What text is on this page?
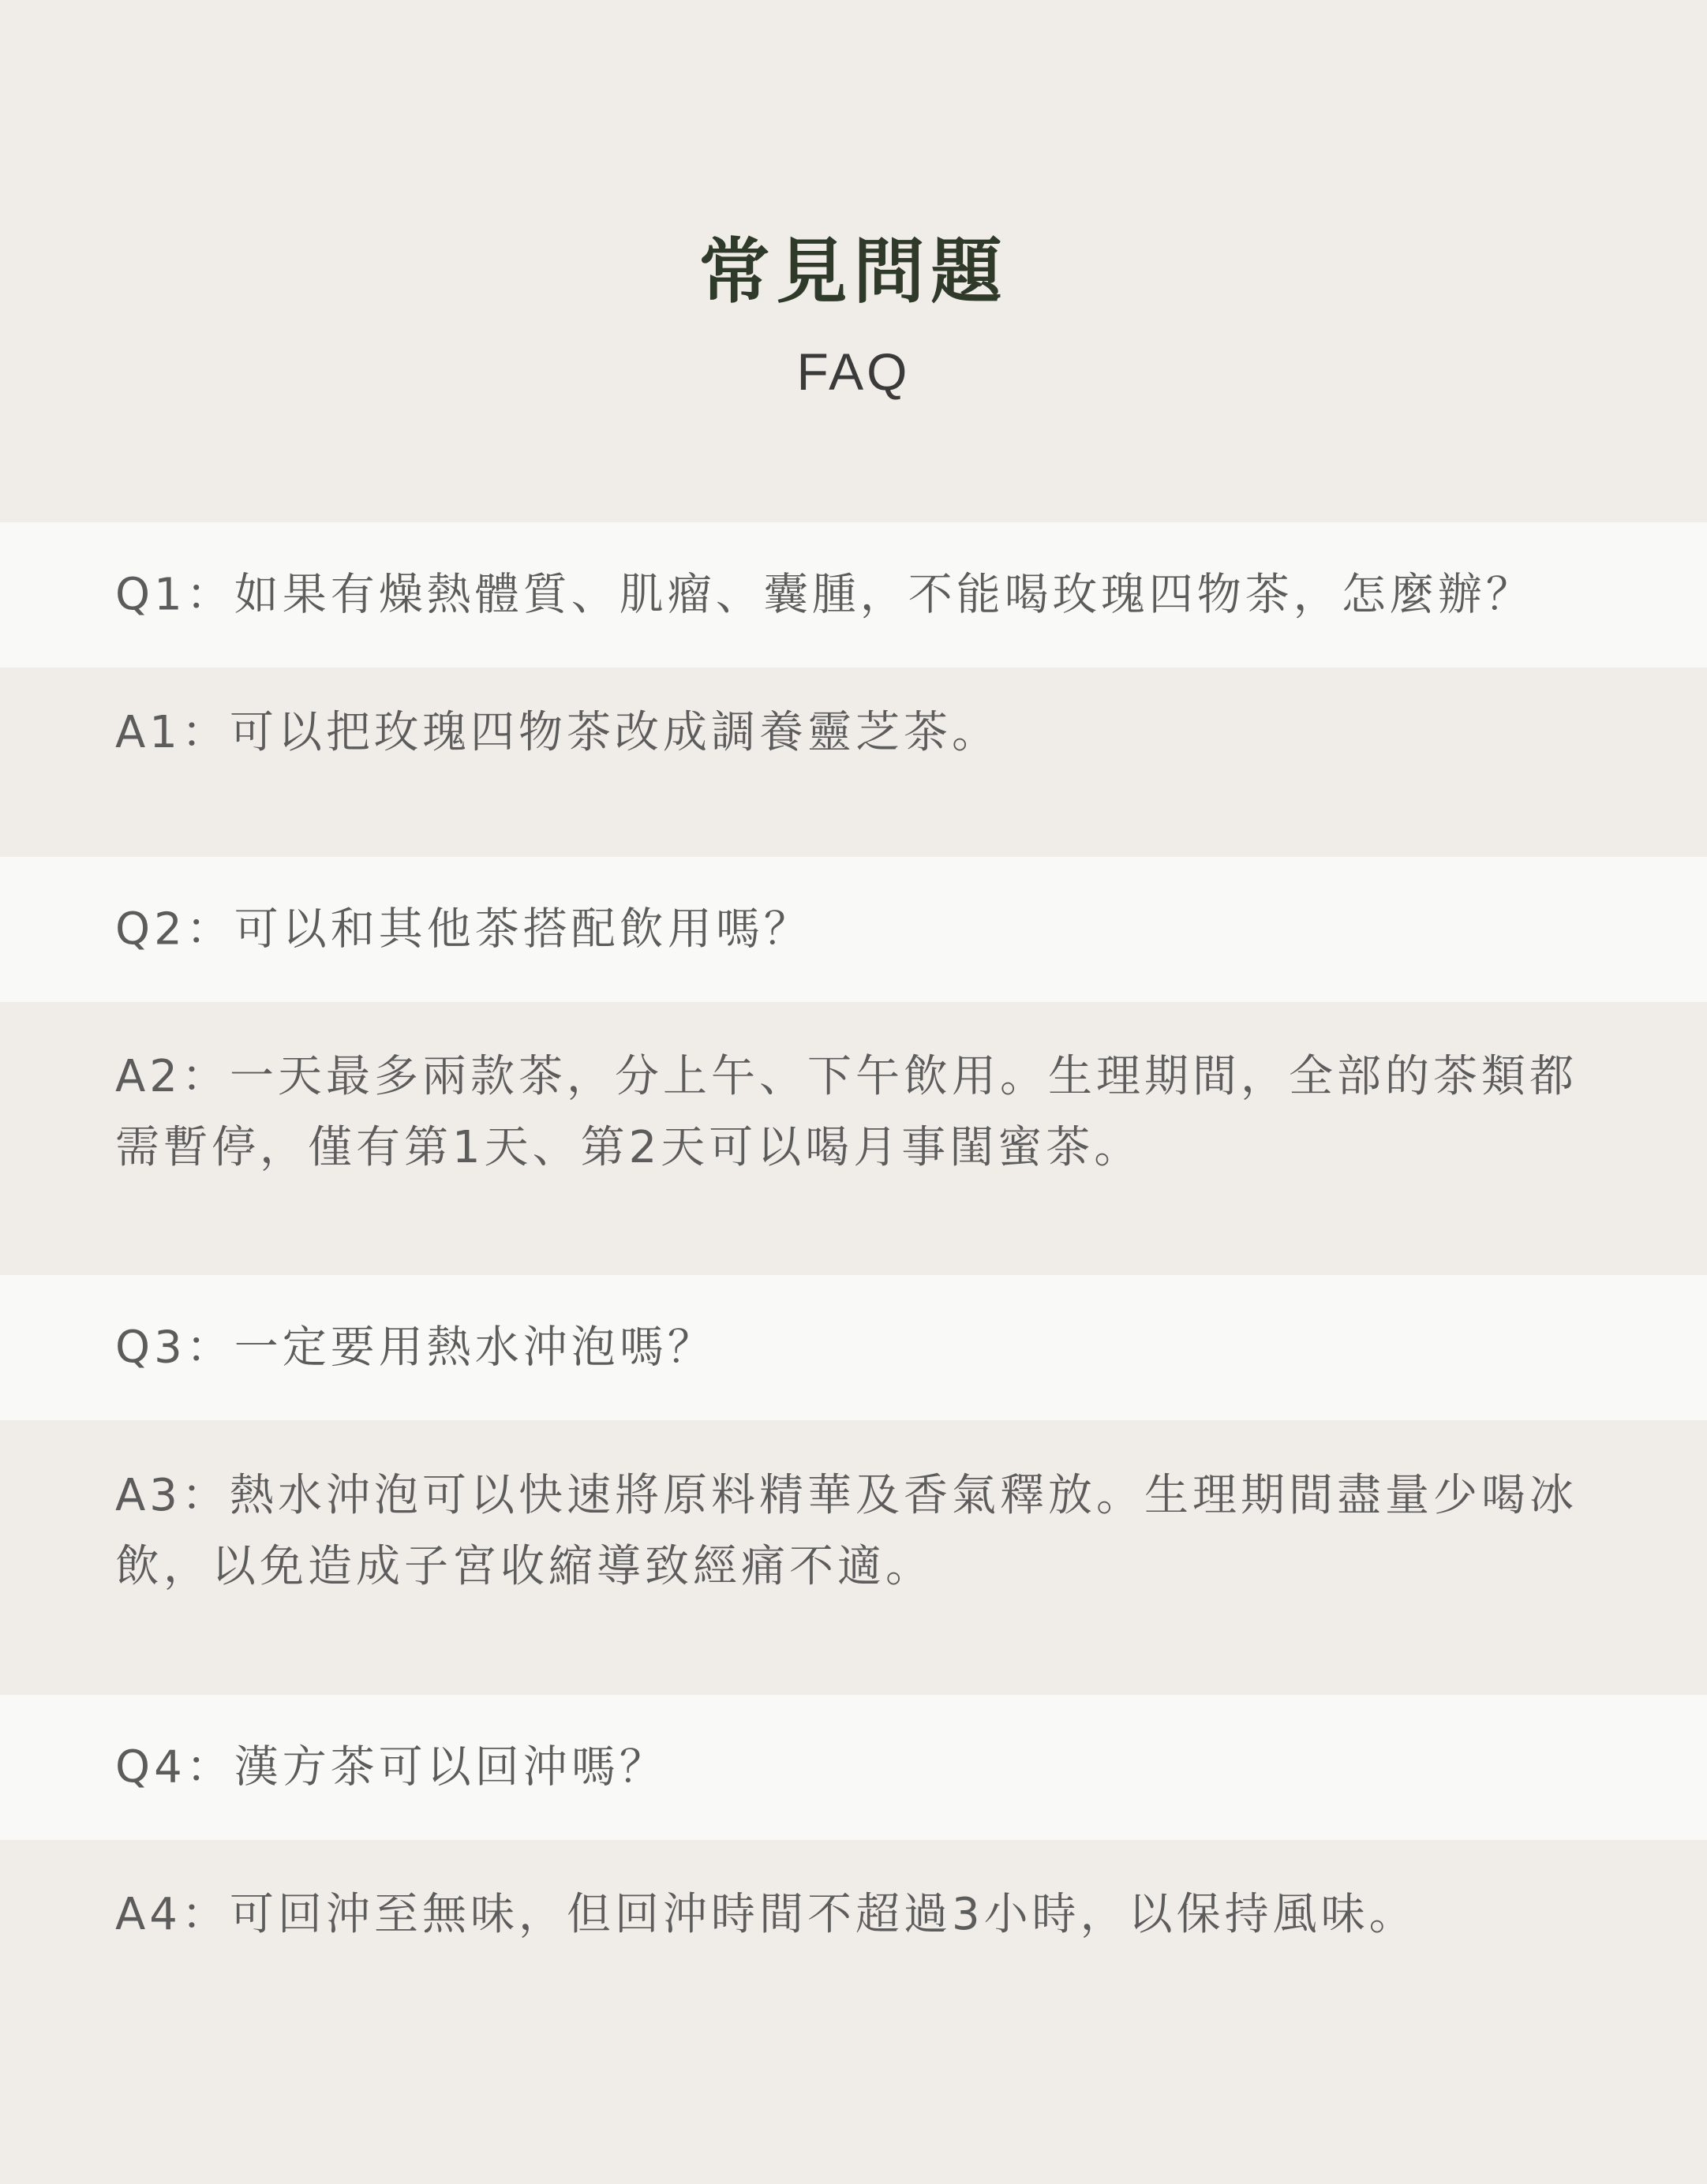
常見問題
FAQ
Q1：如果有燥熱體質、肌瘤、囊腫，不能喝玫瑰四物茶，怎麼辦？
A1：可以把玫瑰四物茶改成調養靈芝茶。
Q2：可以和其他茶搭配飲用嗎？
A2：一天最多兩款茶，分上午、下午飲用。生理期間，全部的茶類都需暫停，僅有第1天、第2天可以喝月事閨蜜茶。
Q3：一定要用熱水沖泡嗎？
A3：熱水沖泡可以快速將原料精華及香氣釋放。生理期間盡量少喝冰飲，以免造成子宮收縮導致經痛不適。
Q4：漢方茶可以回沖嗎？
A4：可回沖至無味，但回沖時間不超過3小時，以保持風味。
